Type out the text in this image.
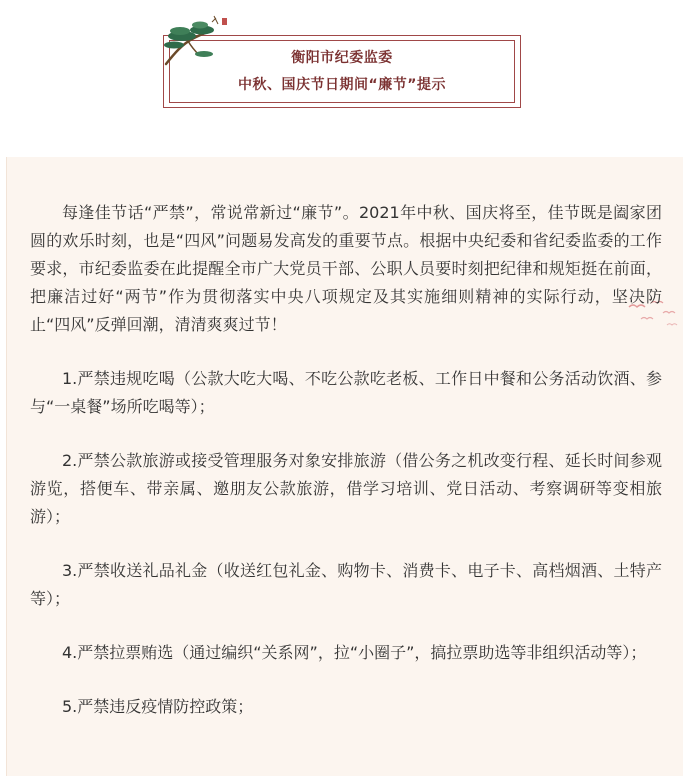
衡阳市纪委监委
中秋、国庆节日期间“廉节”提示

每逢佳节话“严禁”，常说常新过“廉节”。2021年中秋、国庆将至，佳节既是阖家团圆的欢乐时刻，也是“四风”问题易发高发的重要节点。根据中央纪委和省纪委监委的工作要求，市纪委监委在此提醒全市广大党员干部、公职人员要时刻把纪律和规矩挺在前面，把廉洁过好“两节”作为贯彻落实中央八项规定及其实施细则精神的实际行动，坚决防止“四风”反弹回潮，清清爽爽过节！

1.严禁违规吃喝（公款大吃大喝、不吃公款吃老板、工作日中餐和公务活动饮酒、参与“一桌餐”场所吃喝等）；

2.严禁公款旅游或接受管理服务对象安排旅游（借公务之机改变行程、延长时间参观游览，搭便车、带亲属、邀朋友公款旅游，借学习培训、党日活动、考察调研等变相旅游）；

3.严禁收送礼品礼金（收送红包礼金、购物卡、消费卡、电子卡、高档烟酒、土特产等）；

4.严禁拉票贿选（通过编织“关系网”，拉“小圈子”，搞拉票助选等非组织活动等）；

5.严禁违反疫情防控政策；
